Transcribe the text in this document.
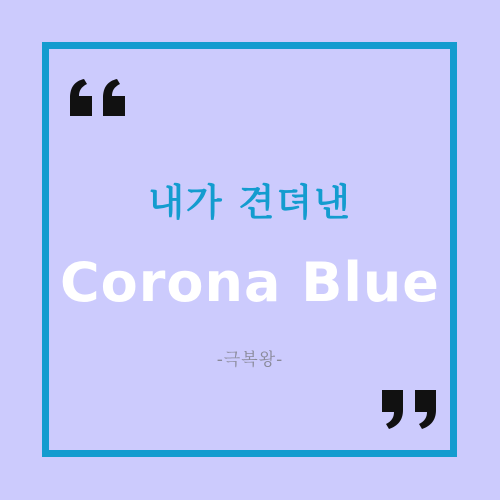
내가 견뎌낸
Corona Blue
-극복왕-
